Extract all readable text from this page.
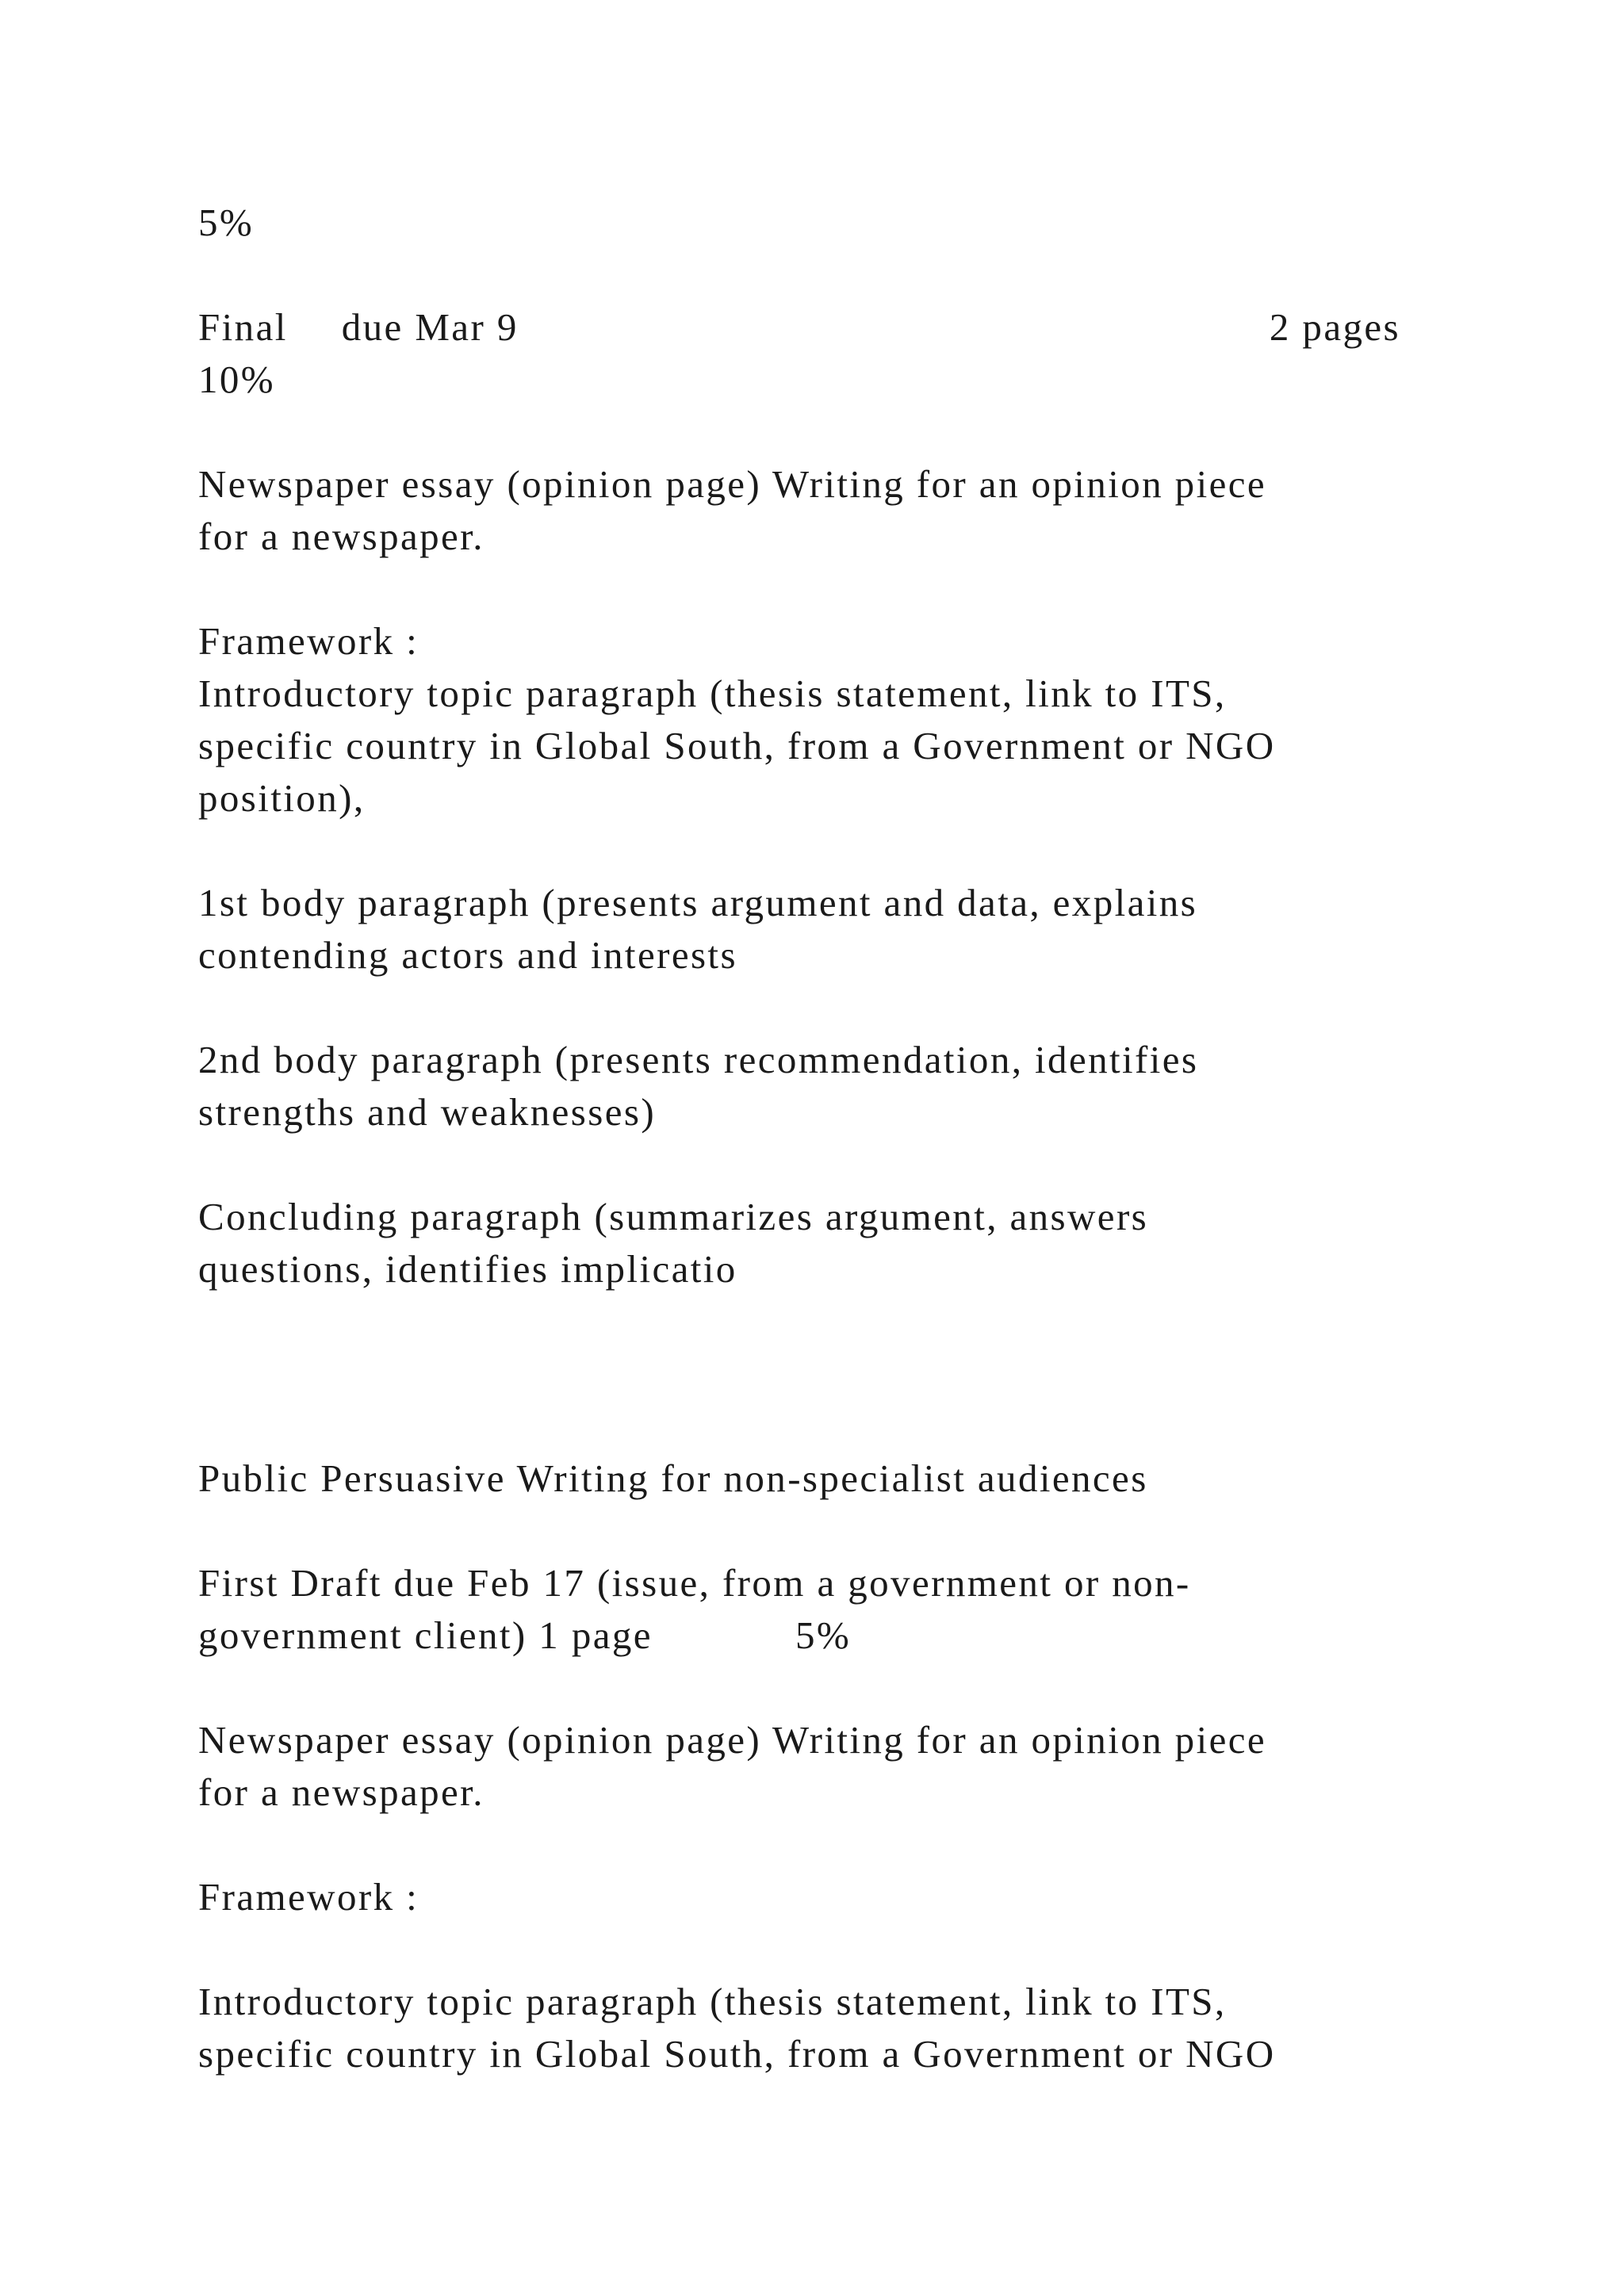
5%

Final due Mar 9	2 pages

10%

Newspaper essay (opinion page) Writing for an opinion piece

for a newspaper.

Framework :

Introductory topic paragraph (thesis statement, link to ITS,

specific country in Global South, from a Government or NGO

position),

1st body paragraph (presents argument and data, explains

contending actors and interests

2nd body paragraph (presents recommendation, identifies

strengths and weaknesses)

Concluding paragraph (summarizes argument, answers

questions, identifies implicatio

Public Persuasive Writing for non-specialist audiences

First Draft due Feb 17 (issue, from a government or non-

government client) 1 page	5%

Newspaper essay (opinion page) Writing for an opinion piece

for a newspaper.

Framework :

Introductory topic paragraph (thesis statement, link to ITS,

specific country in Global South, from a Government or NGO
